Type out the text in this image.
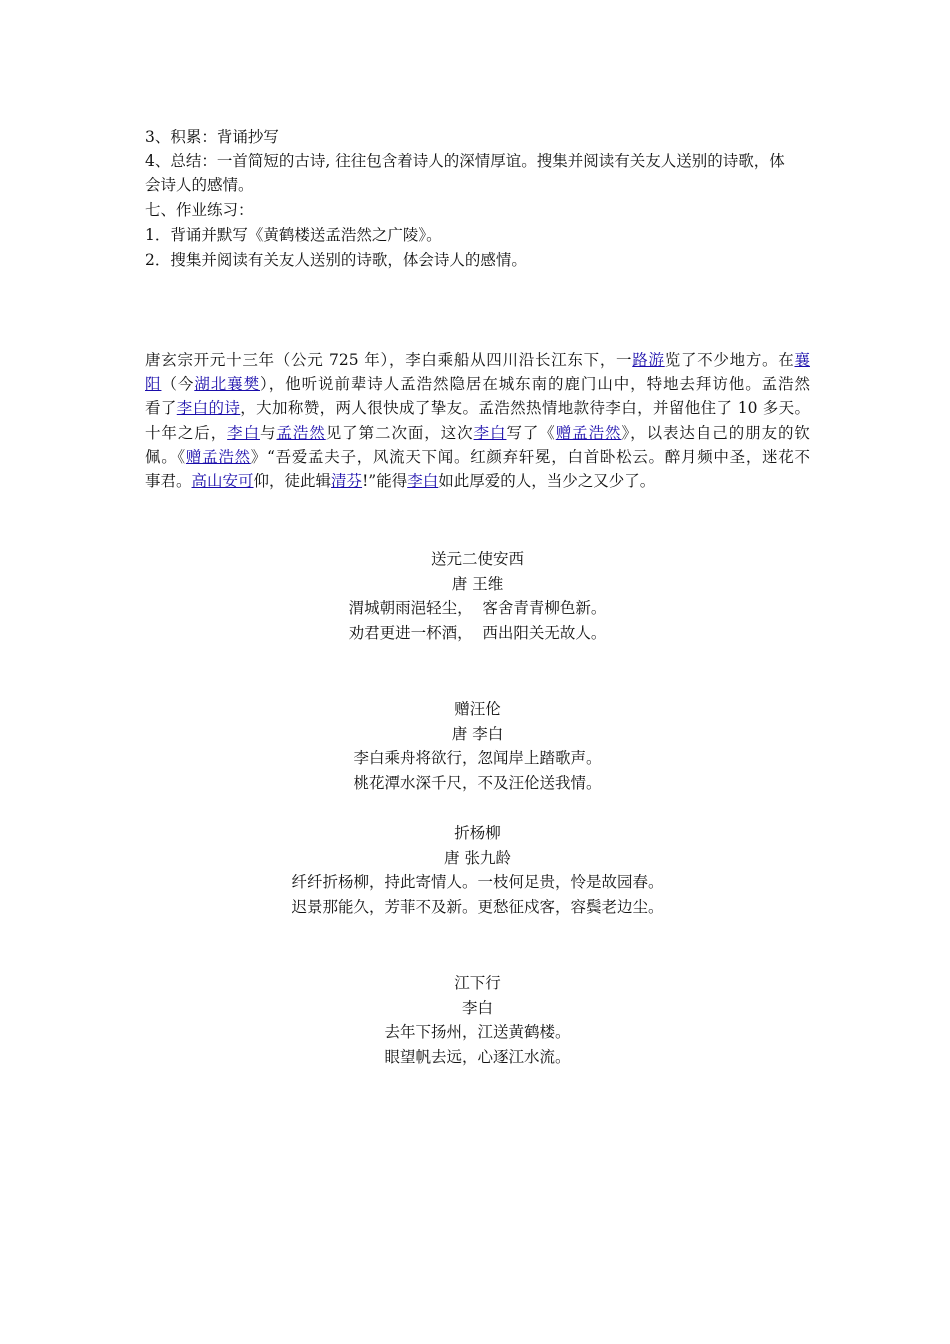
3、积累：背诵抄写
4、总结：一首简短的古诗, 往往包含着诗人的深情厚谊。搜集并阅读有关友人送别的诗歌，体
会诗人的感情。
七、作业练习：
1．背诵并默写《黄鹤楼送孟浩然之广陵》。
2．搜集并阅读有关友人送别的诗歌，体会诗人的感情。
唐玄宗开元十三年（公元 725 年），李白乘船从四川沿长江东下，一路游览了不少地方。在襄
阳（今湖北襄樊），他听说前辈诗人孟浩然隐居在城东南的鹿门山中，特地去拜访他。孟浩然
看了李白的诗，大加称赞，两人很快成了挚友。孟浩然热情地款待李白，并留他住了 10 多天。
十年之后，李白与孟浩然见了第二次面，这次李白写了《赠孟浩然》，以表达自己的朋友的钦
佩。《赠孟浩然》“吾爱孟夫子，风流天下闻。红颜弃轩冕，白首卧松云。醉月频中圣，迷花不
事君。高山安可仰，徒此辑清芬!”能得李白如此厚爱的人，当少之又少了。
送元二使安西
唐 王维
渭城朝雨浥轻尘，  客舍青青柳色新。
劝君更进一杯酒，  西出阳关无故人。
赠汪伦
唐 李白
李白乘舟将欲行，忽闻岸上踏歌声。
桃花潭水深千尺，不及汪伦送我情。
折杨柳
唐 张九龄
纤纤折杨柳，持此寄情人。一枝何足贵，怜是故园春。
迟景那能久，芳菲不及新。更愁征戍客，容鬓老边尘。
江下行
李白
去年下扬州，江送黄鹤楼。
眼望帆去远，心逐江水流。
